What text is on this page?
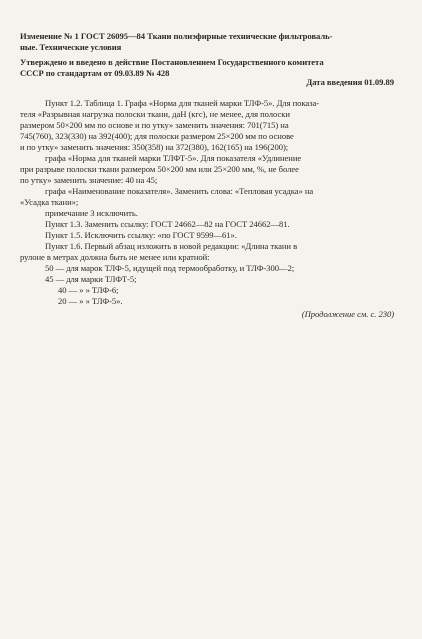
Изменение № 1 ГОСТ 26095—84 Ткани полиэфирные технические фильтроваль-
ные. Технические условия
Утверждено и введено в действие Постановлением Государственного комитета
СССР по стандартам от 09.03.89 № 428
Дата введения 01.09.89
Пункт 1.2. Таблица 1. Графа «Норма для тканей марки ТЛФ-5». Для показа-
теля «Разрывная нагрузка полоски ткани, даН (кгс), не менее, для полоски
размером 50×200 мм по основе и по утку» заменить значения: 701(715) на
745(760), 323(330) на 392(400); для полоски размером 25×200 мм по основе
и по утку» заменить значения: 350(358) на 372(380), 162(165) на 196(200);
графа «Норма для тканей марки ТЛФТ-5». Для показателя «Удлинение
при разрыве полоски ткани размером 50×200 мм или 25×200 мм, %, не более
по утку» заменить значение: 40 на 45;
графа «Наименование показателя». Заменить слова: «Тепловая усадка» на
«Усадка ткани»;
примечание 3 исключить.
Пункт 1.3. Заменить ссылку: ГОСТ 24662—82 на ГОСТ 24662—81.
Пункт 1.5. Исключить ссылку: «по ГОСТ 9599—61».
Пункт 1.6. Первый абзац изложить в новой редакции: «Длина ткани в
рулоне в метрах должна быть не менее или кратной:
50 — для марок ТЛФ-5, идущей под термообработку, и ТЛФ-300—2;
45 — для марки ТЛФТ-5;
40 — » » ТЛФ-6;
20 — » » ТЛФ-5».
(Продолжение см. с. 230)
